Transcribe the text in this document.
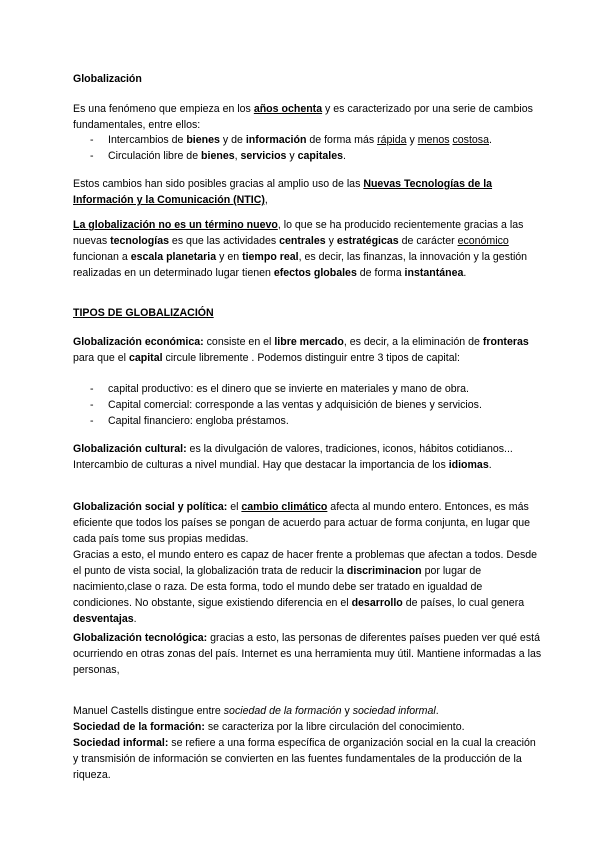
Globalización
Es una fenómeno que empieza en los años ochenta y es caracterizado por una serie de cambios fundamentales, entre ellos:
- Intercambios de bienes y de información de forma más rápida y menos costosa.
- Circulación libre de bienes, servicios y capitales.
Estos cambios han sido posibles gracias al amplio uso de las Nuevas Tecnologías de la Información y la Comunicación (NTIC),
La globalización no es un término nuevo, lo que se ha producido recientemente gracias a las nuevas tecnologías es que las actividades centrales y estratégicas de carácter económico funcionan a escala planetaria y en tiempo real, es decir, las finanzas, la innovación y la gestión realizadas en un determinado lugar tienen efectos globales de forma instantánea.
TIPOS DE GLOBALIZACIÓN
Globalización económica: consiste en el libre mercado, es decir, a la eliminación de fronteras para que el capital circule libremente . Podemos distinguir entre 3 tipos de capital:
- capital productivo: es el dinero que se invierte en materiales y mano de obra.
- Capital comercial: corresponde a las ventas y adquisición de bienes y servicios.
- Capital financiero: engloba préstamos.
Globalización cultural: es la divulgación de valores, tradiciones, iconos, hábitos cotidianos... Intercambio de culturas a nivel mundial. Hay que destacar la importancia de los idiomas.
Globalización social y política: el cambio climático afecta al mundo entero. Entonces, es más eficiente que todos los países se pongan de acuerdo para actuar de forma conjunta, en lugar que cada país tome sus propias medidas.
Gracias a esto, el mundo entero es capaz de hacer frente a problemas que afectan a todos. Desde el punto de vista social, la globalización trata de reducir la discriminacion por lugar de nacimiento,clase o raza. De esta forma, todo el mundo debe ser tratado en igualdad de condiciones. No obstante, sigue existiendo diferencia en el desarrollo de países, lo cual genera desventajas.
Globalización tecnológica: gracias a esto, las personas de diferentes países pueden ver qué está ocurriendo en otras zonas del país. Internet es una herramienta muy útil. Mantiene informadas a las personas,
Manuel Castells distingue entre sociedad de la formación y sociedad informal.
Sociedad de la formación: se caracteriza por la libre circulación del conocimiento.
Sociedad informal: se refiere a una forma específica de organización social en la cual la creación y transmisión de información se convierten en las fuentes fundamentales de la producción de la riqueza.
